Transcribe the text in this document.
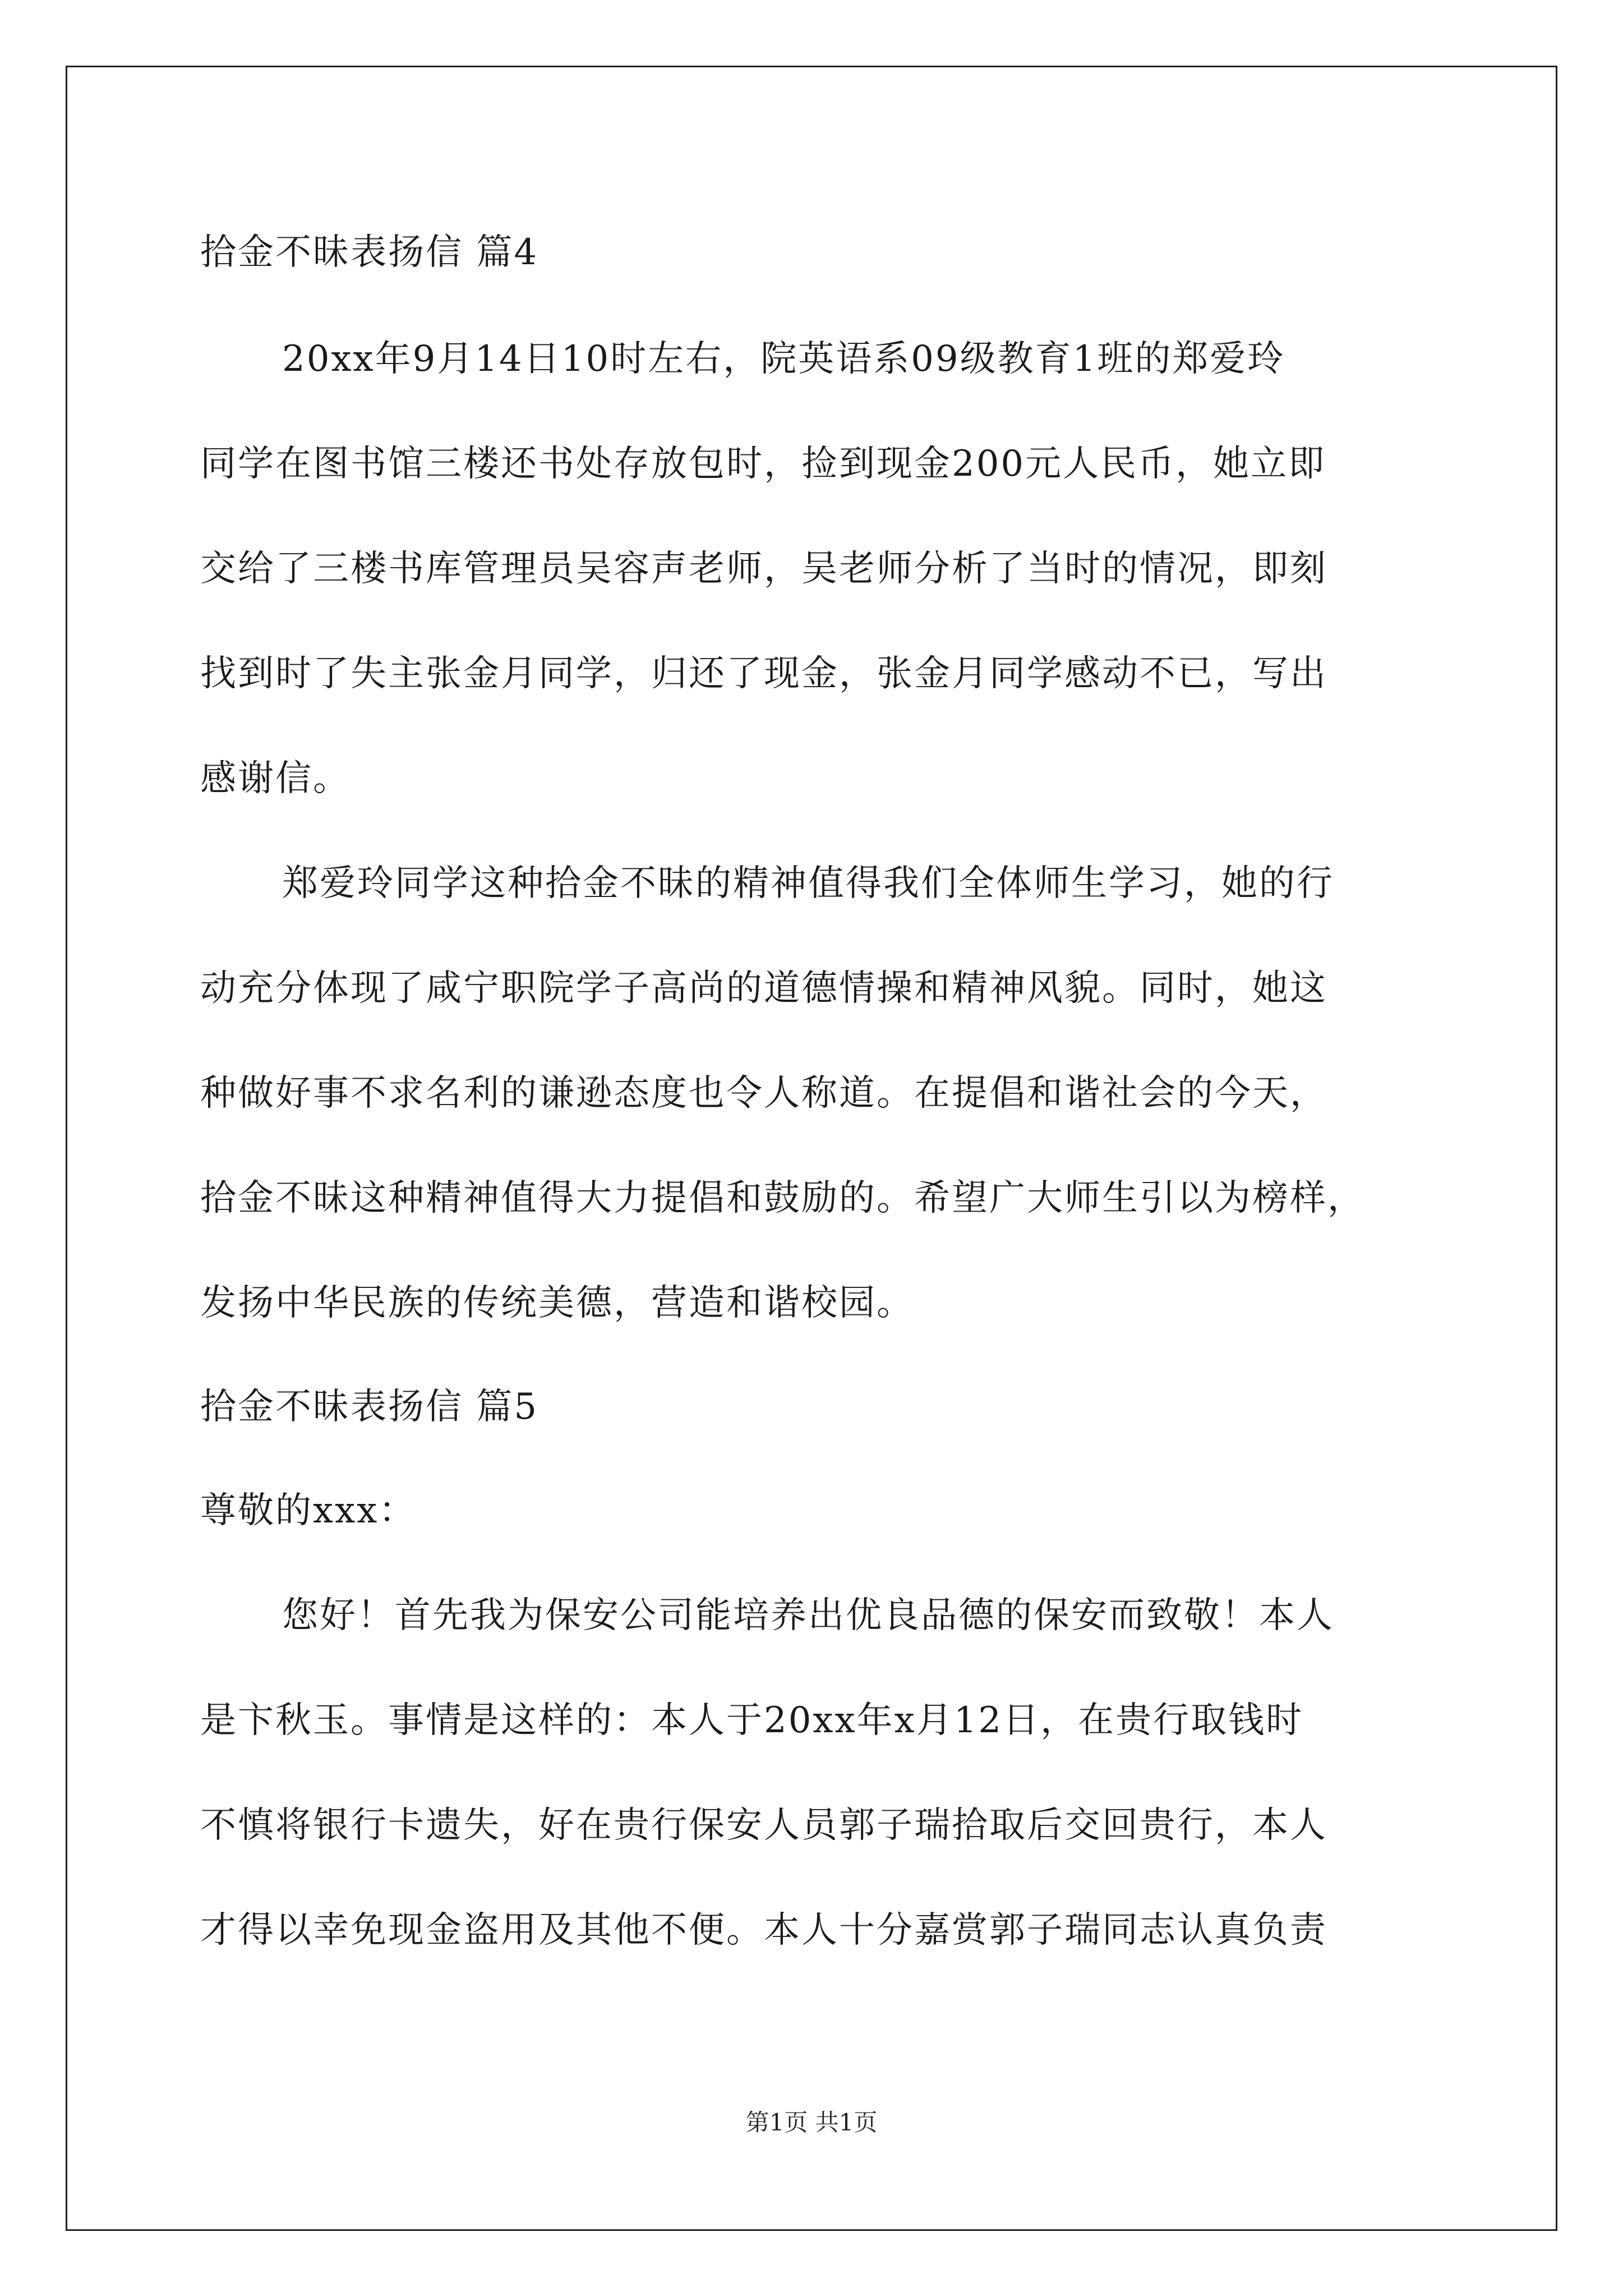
拾金不昧表扬信 篇4
20xx年9月14日10时左右，院英语系09级教育1班的郑爱玲
同学在图书馆三楼还书处存放包时，捡到现金200元人民币，她立即
交给了三楼书库管理员吴容声老师，吴老师分析了当时的情况，即刻
找到时了失主张金月同学，归还了现金，张金月同学感动不已，写出
感谢信。
郑爱玲同学这种拾金不昧的精神值得我们全体师生学习，她的行
动充分体现了咸宁职院学子高尚的道德情操和精神风貌。同时，她这
种做好事不求名利的谦逊态度也令人称道。在提倡和谐社会的今天，
拾金不昧这种精神值得大力提倡和鼓励的。希望广大师生引以为榜样，
发扬中华民族的传统美德，营造和谐校园。
拾金不昧表扬信 篇5
尊敬的xxx：
您好！首先我为保安公司能培养出优良品德的保安而致敬！本人
是卞秋玉。事情是这样的：本人于20xx年x月12日，在贵行取钱时
不慎将银行卡遗失，好在贵行保安人员郭子瑞拾取后交回贵行，本人
才得以幸免现金盗用及其他不便。本人十分嘉赏郭子瑞同志认真负责
第1页 共1页
